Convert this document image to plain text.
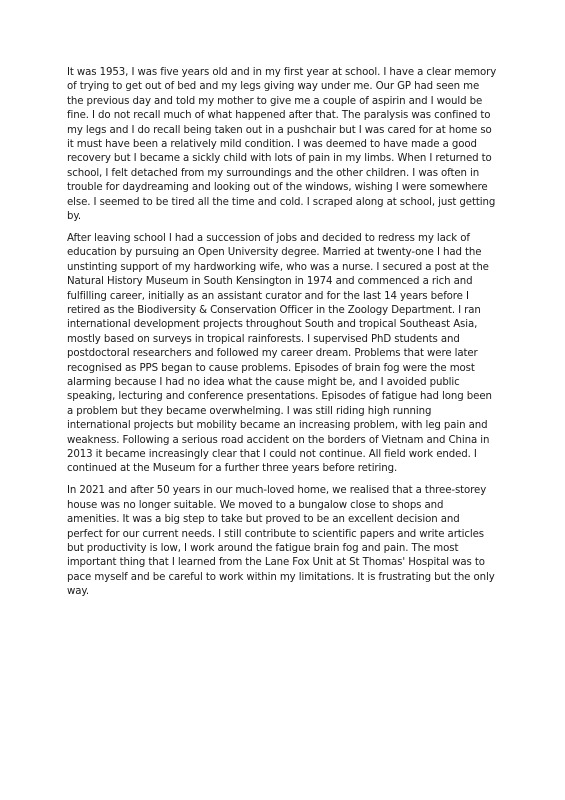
It was 1953, I was five years old and in my first year at school. I have a clear memory of trying to get out of bed and my legs giving way under me. Our GP had seen me the previous day and told my mother to give me a couple of aspirin and I would be fine. I do not recall much of what happened after that. The paralysis was confined to my legs and I do recall being taken out in a pushchair but I was cared for at home so it must have been a relatively mild condition. I was deemed to have made a good recovery but I became a sickly child with lots of pain in my limbs. When I returned to school, I felt detached from my surroundings and the other children. I was often in trouble for daydreaming and looking out of the windows, wishing I were somewhere else. I seemed to be tired all the time and cold. I scraped along at school, just getting by.

After leaving school I had a succession of jobs and decided to redress my lack of education by pursuing an Open University degree. Married at twenty-one I had the unstinting support of my hardworking wife, who was a nurse. I secured a post at the Natural History Museum in South Kensington in 1974 and commenced a rich and fulfilling career, initially as an assistant curator and for the last 14 years before I retired as the Biodiversity & Conservation Officer in the Zoology Department. I ran international development projects throughout South and tropical Southeast Asia, mostly based on surveys in tropical rainforests. I supervised PhD students and postdoctoral researchers and followed my career dream. Problems that were later recognised as PPS began to cause problems. Episodes of brain fog were the most alarming because I had no idea what the cause might be, and I avoided public speaking, lecturing and conference presentations. Episodes of fatigue had long been a problem but they became overwhelming. I was still riding high running international projects but mobility became an increasing problem, with leg pain and weakness. Following a serious road accident on the borders of Vietnam and China in 2013 it became increasingly clear that I could not continue. All field work ended. I continued at the Museum for a further three years before retiring.

In 2021 and after 50 years in our much-loved home, we realised that a three-storey house was no longer suitable. We moved to a bungalow close to shops and amenities. It was a big step to take but proved to be an excellent decision and perfect for our current needs. I still contribute to scientific papers and write articles but productivity is low, I work around the fatigue brain fog and pain. The most important thing that I learned from the Lane Fox Unit at St Thomas' Hospital was to pace myself and be careful to work within my limitations. It is frustrating but the only way.
